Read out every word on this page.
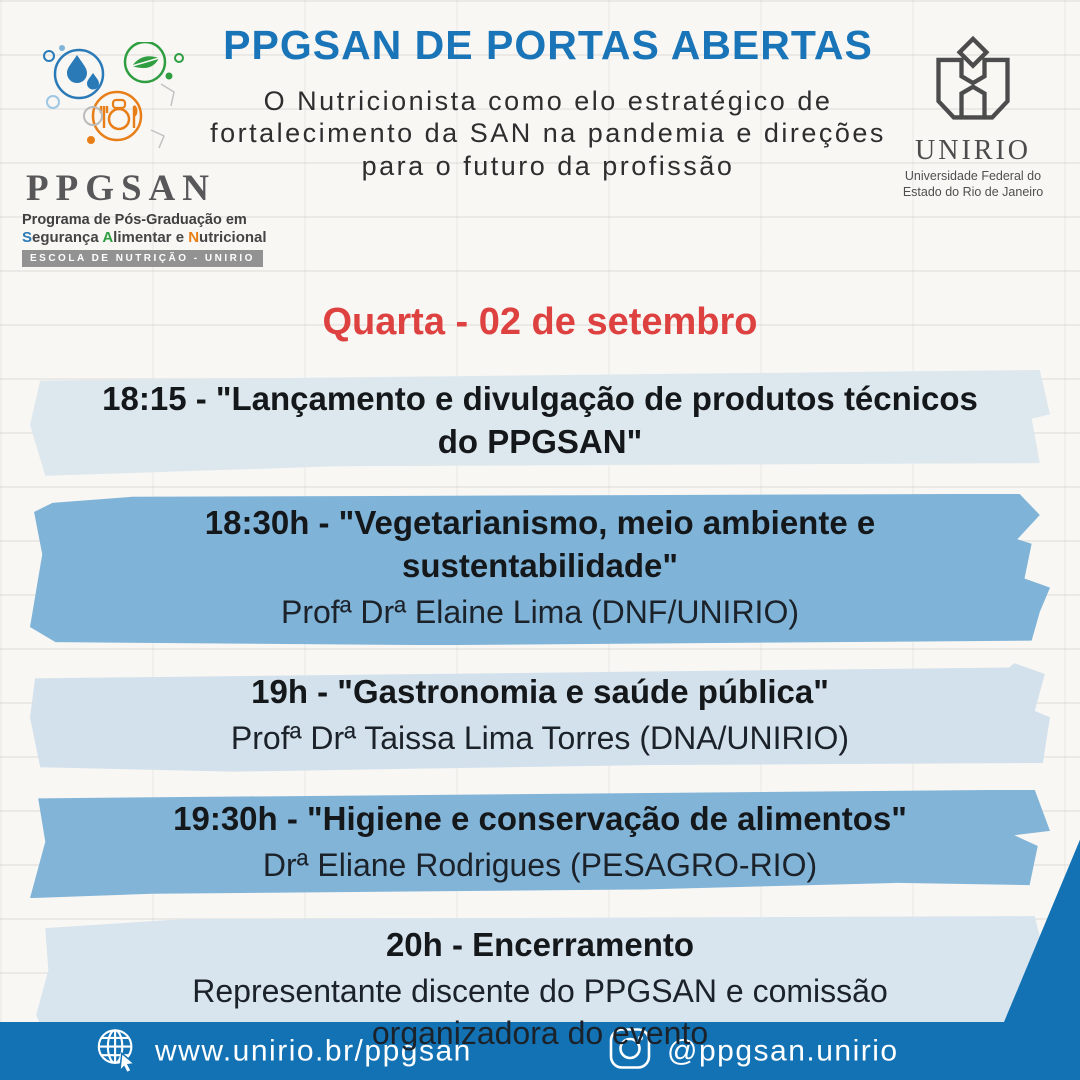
PPGSAN
Programa de Pós-Graduação em
Segurança Alimentar e Nutricional
ESCOLA DE NUTRIÇÃO - UNIRIO
PPGSAN DE PORTAS ABERTAS
O Nutricionista como elo estratégico de fortalecimento da SAN na pandemia e direções para o futuro da profissão	UNIRIO
Universidade Federal do
Estado do Rio de Janeiro
Quarta - 02 de setembro
18:15 - "Lançamento e divulgação de produtos técnicos do PPGSAN"
18:30h - "Vegetarianismo, meio ambiente e sustentabilidade"
Profª Drª Elaine Lima (DNF/UNIRIO)
19h - "Gastronomia e saúde pública"
Profª Drª Taissa Lima Torres (DNA/UNIRIO)
19:30h - "Higiene e conservação de alimentos"
Drª Eliane Rodrigues (PESAGRO-RIO)
20h - Encerramento
Representante discente do PPGSAN e comissão organizadora do evento
www.unirio.br/ppgsan	@ppgsan.unirio
